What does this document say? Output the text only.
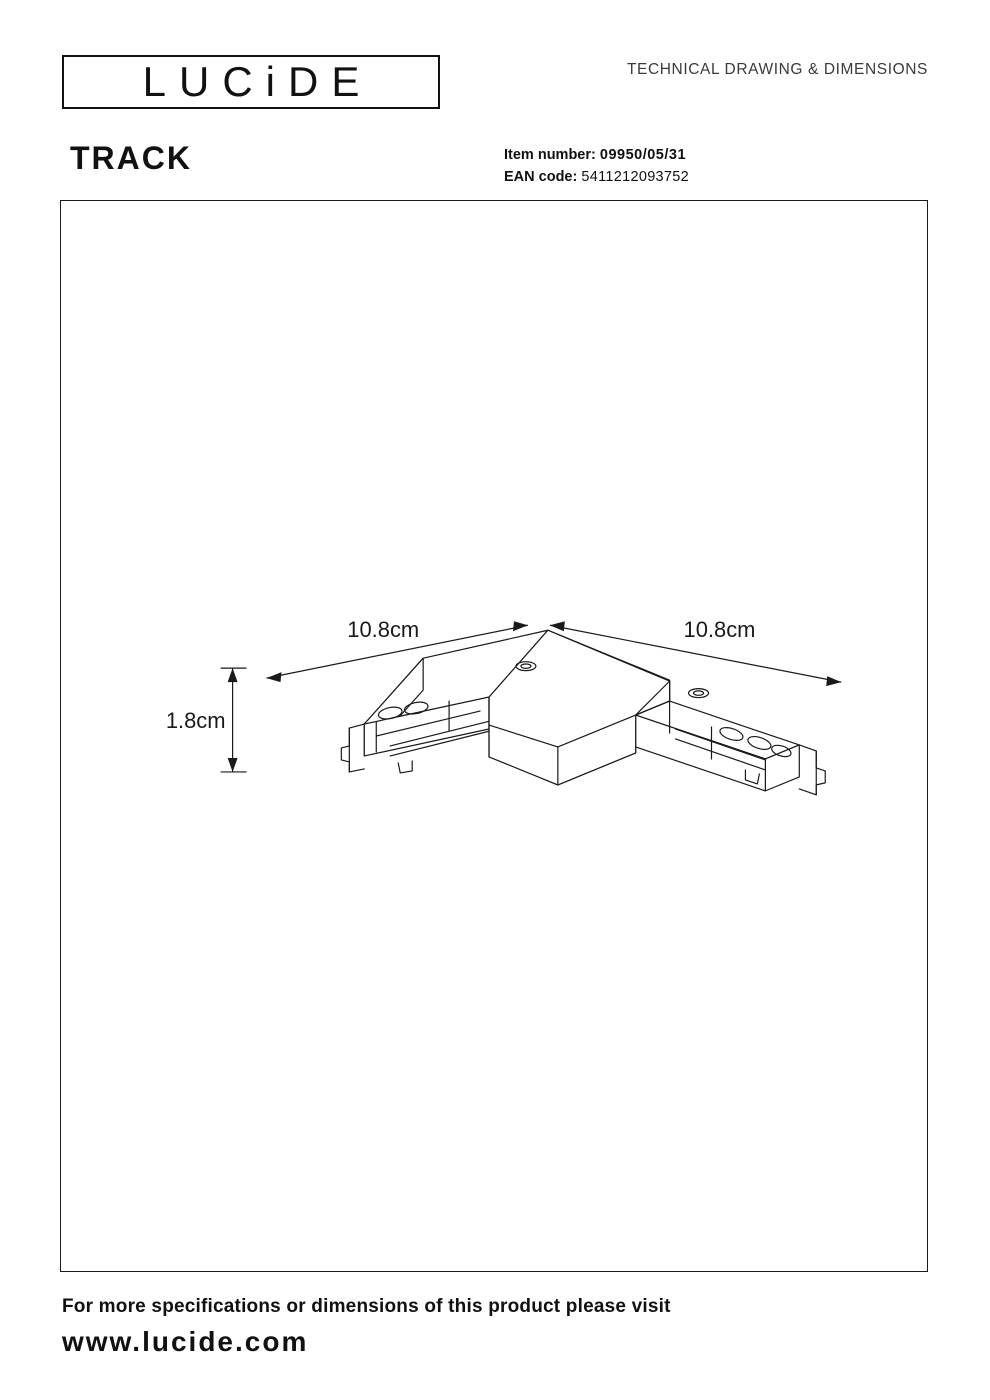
LUCiDE	TECHNICAL DRAWING & DIMENSIONS
TRACK	Item number: 09950/05/31
EAN code: 5411212093752
10.8cm	10.8cm
1.8cm
For more specifications or dimensions of this product please visit
www.lucide.com
